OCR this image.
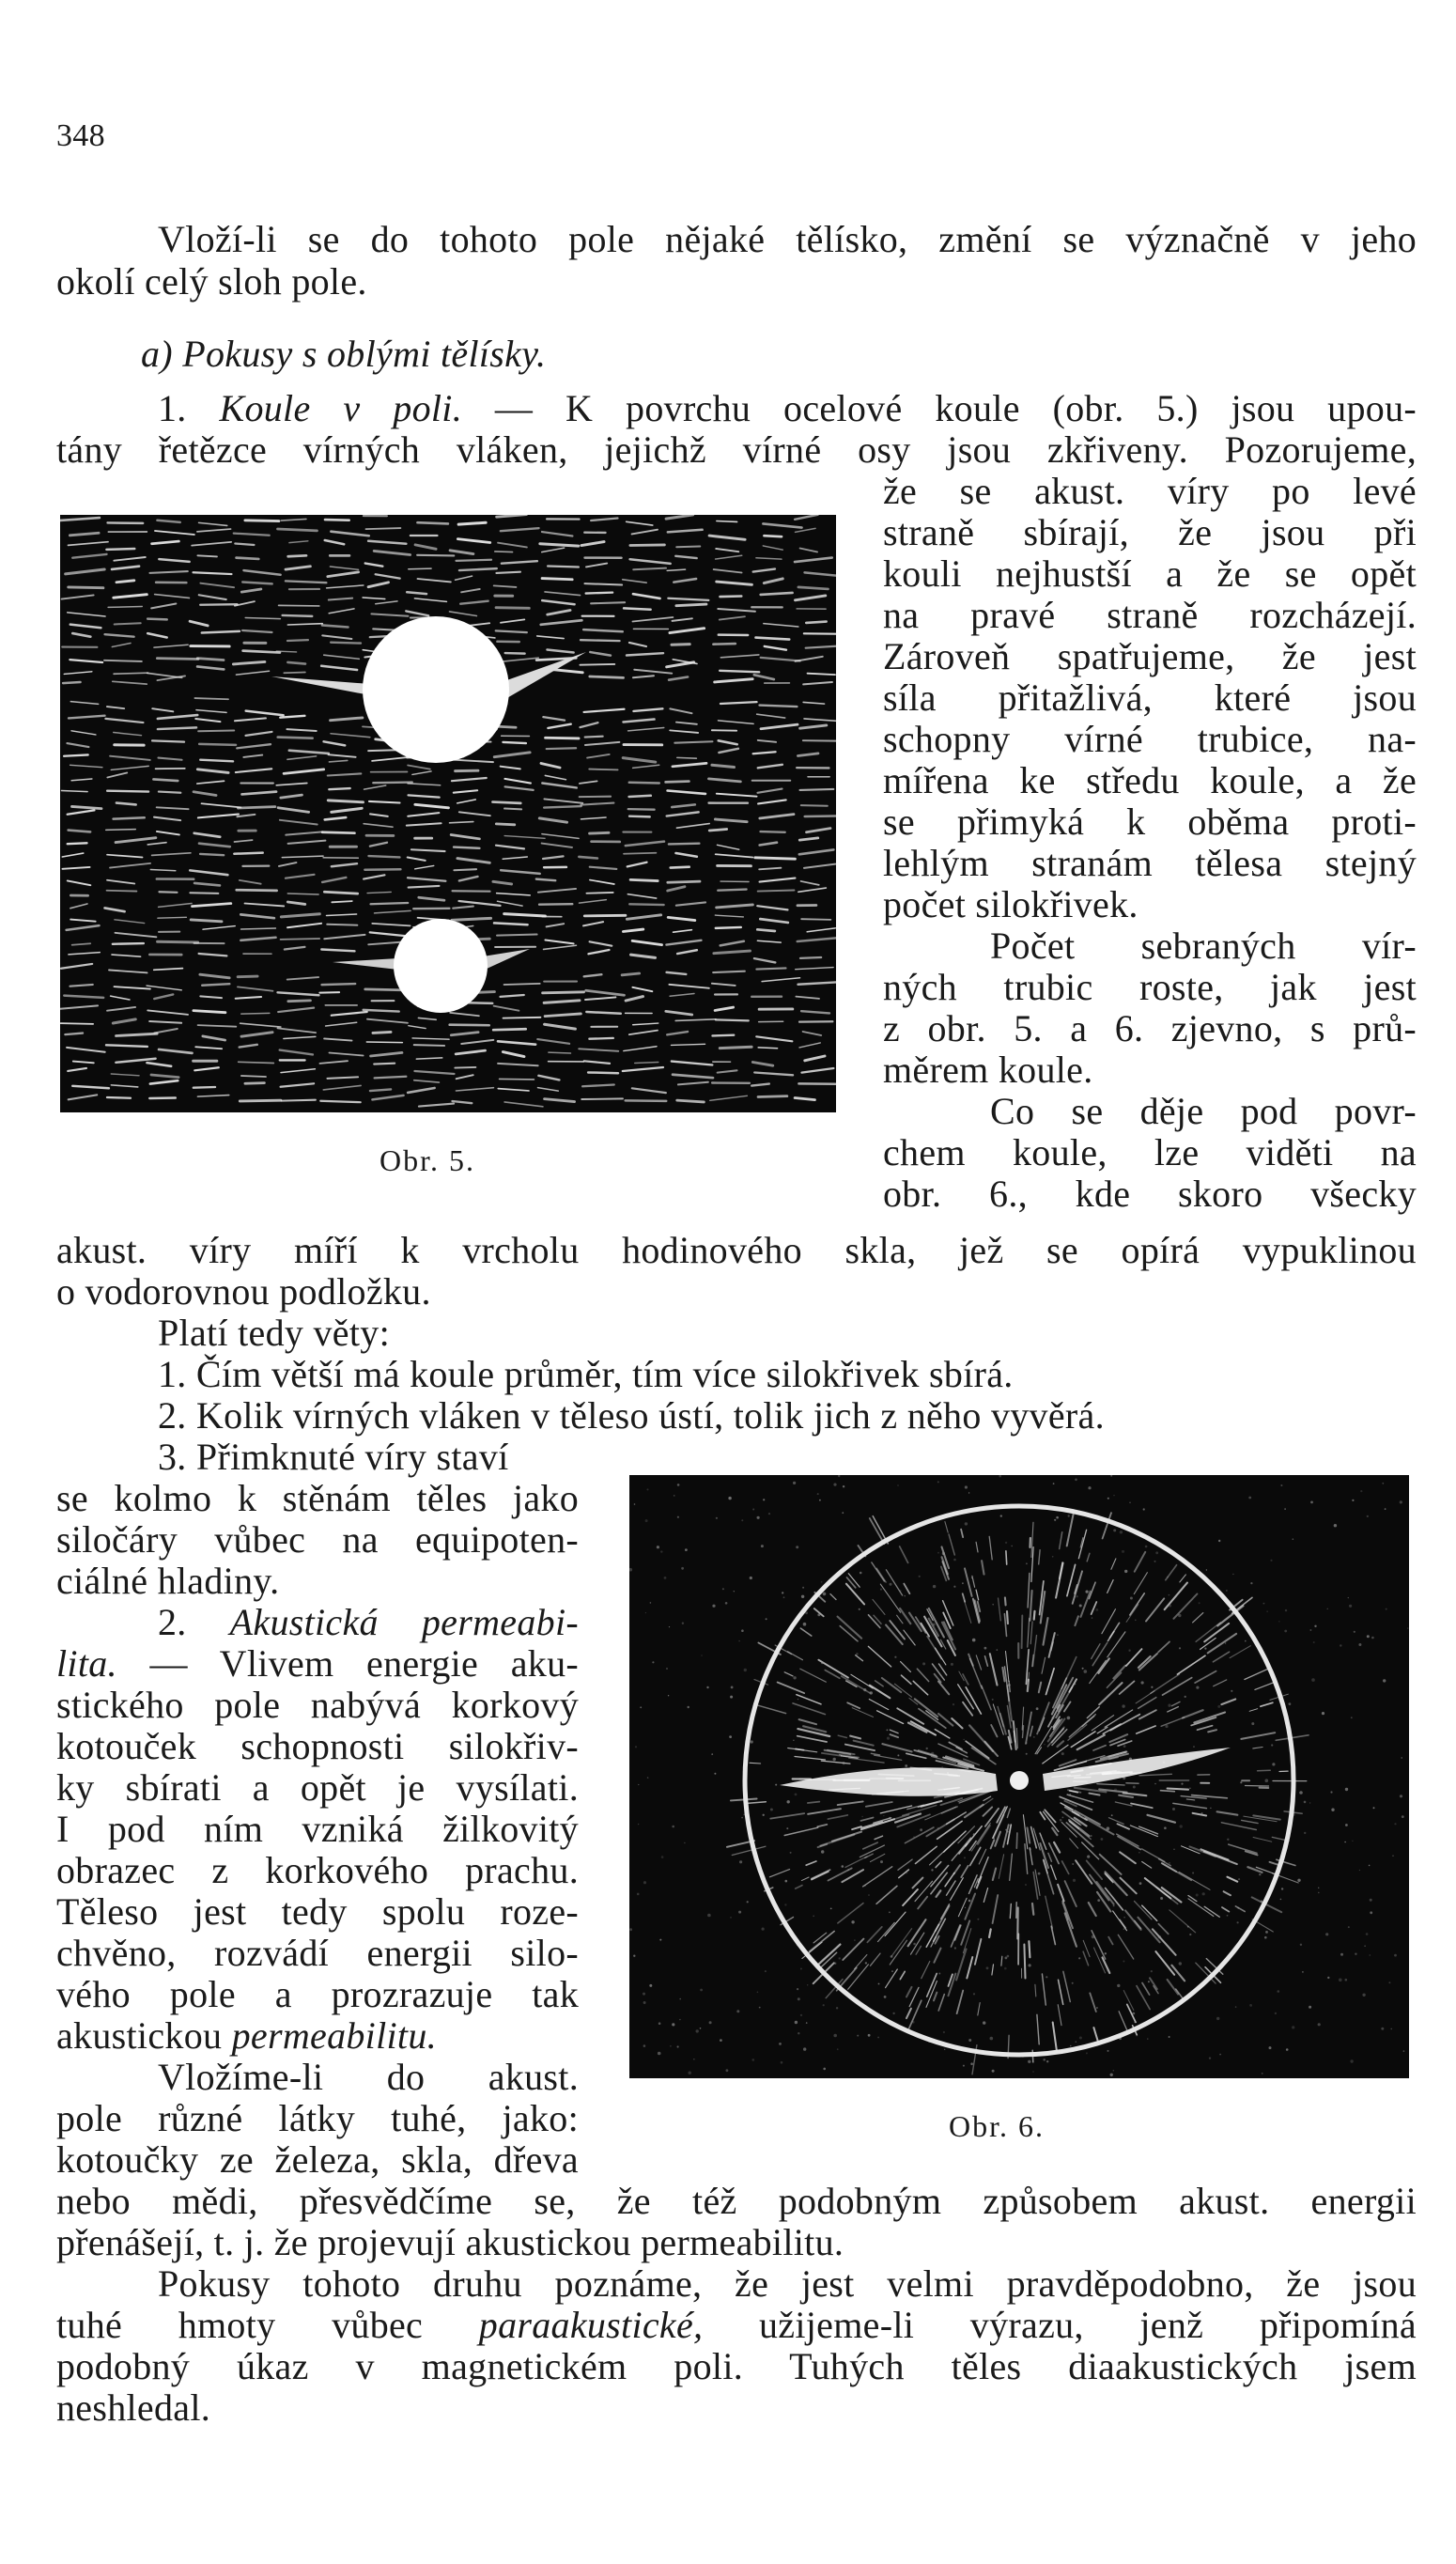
348
Vloží-li se do tohoto pole nějaké tělísko, změní se význačně v jeho
okolí celý sloh pole.
a) Pokusy s oblými tělísky.
1. Koule v poli. — K povrchu ocelové koule (obr. 5.) jsou upou-
tány řetězce vírných vláken, jejichž vírné osy jsou zkřiveny. Pozorujeme,
Obr. 5.
že se akust. víry po levé
straně sbírají, že jsou při
kouli nejhustší a že se opět
na pravé straně rozcházejí.
Zároveň spatřujeme, že jest
síla přitažlivá, které jsou
schopny vírné trubice, na-
mířena ke středu koule, a že
se přimyká k oběma proti-
lehlým stranám tělesa stejný
počet silokřivek.
Počet sebraných vír-
ných trubic roste, jak jest
z obr. 5. a 6. zjevno, s prů-
měrem koule.
Co se děje pod povr-
chem koule, lze viděti na
obr. 6., kde skoro všecky
akust. víry míří k vrcholu hodinového skla, jež se opírá vypuklinou
o vodorovnou podložku.
Platí tedy věty:
1. Čím větší má koule průměr, tím více silokřivek sbírá.
2. Kolik vírných vláken v těleso ústí, tolik jich z něho vyvěrá.
3. Přimknuté víry staví
se kolmo k stěnám těles jako
siločáry vůbec na equipoten-
ciálné hladiny.
2. Akustická permeabi-
lita. — Vlivem energie aku-
stického pole nabývá korkový
kotouček schopnosti silokřiv-
ky sbírati a opět je vysílati.
I pod ním vzniká žilkovitý
obrazec z korkového prachu.
Těleso jest tedy spolu roze-
chvěno, rozvádí energii silo-
vého pole a prozrazuje tak
akustickou permeabilitu.
Vložíme-li do akust.
pole různé látky tuhé, jako:
kotoučky ze železa, skla, dřeva
Obr. 6.
nebo mědi, přesvědčíme se, že též podobným způsobem akust. energii
přenášejí, t. j. že projevují akustickou permeabilitu.
Pokusy tohoto druhu poznáme, že jest velmi pravděpodobno, že jsou
tuhé hmoty vůbec paraakustické, užijeme-li výrazu, jenž připomíná
podobný úkaz v magnetickém poli. Tuhých těles diaakustických jsem
neshledal.
